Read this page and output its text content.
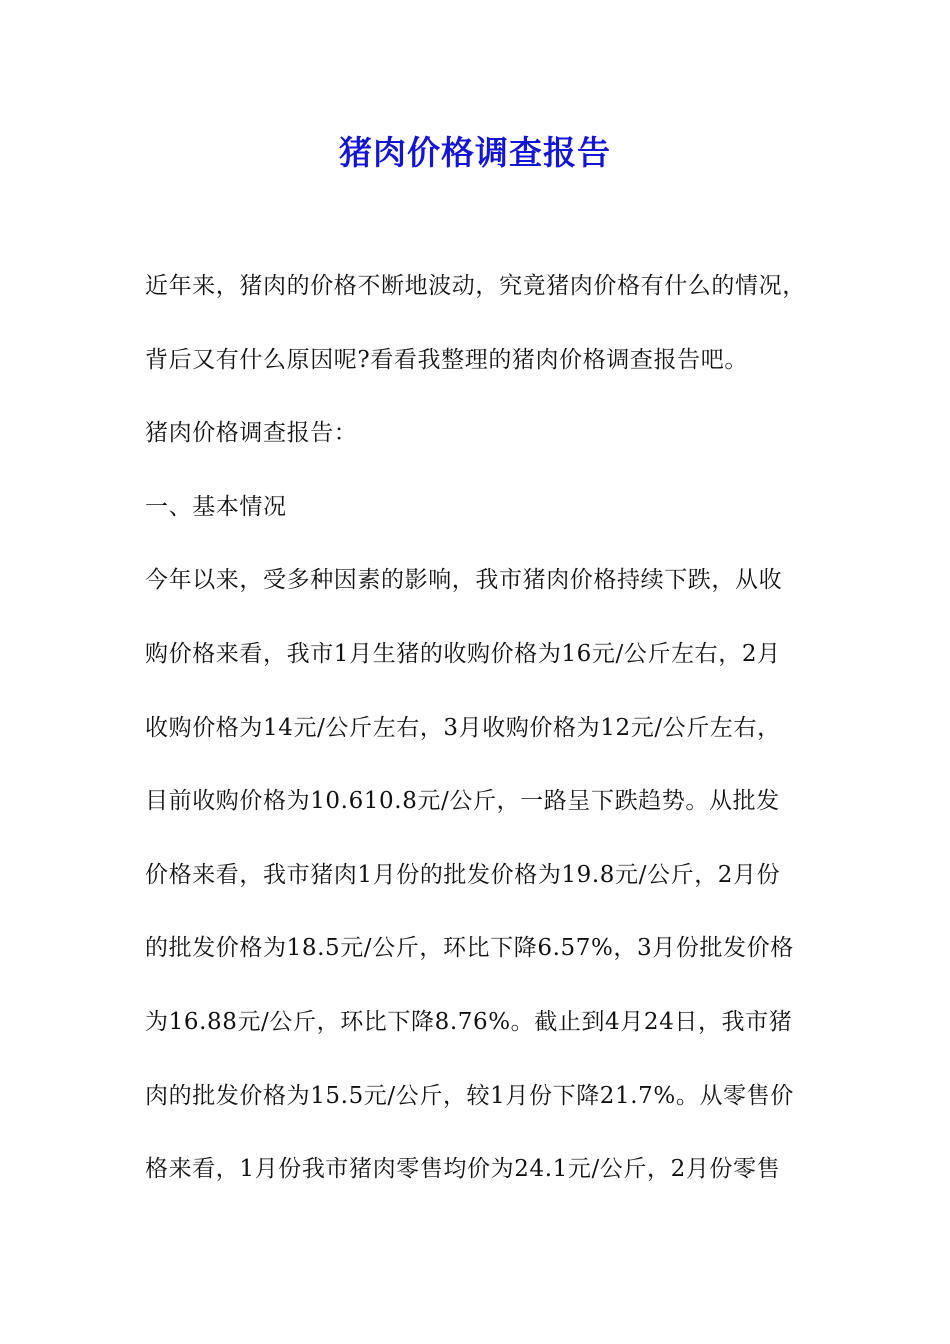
猪肉价格调查报告
近年来，猪肉的价格不断地波动，究竟猪肉价格有什么的情况，
背后又有什么原因呢?看看我整理的猪肉价格调查报告吧。
猪肉价格调查报告：
一、基本情况
今年以来，受多种因素的影响，我市猪肉价格持续下跌，从收
购价格来看，我市1月生猪的收购价格为16元/公斤左右，2月
收购价格为14元/公斤左右，3月收购价格为12元/公斤左右，
目前收购价格为10.610.8元/公斤，一路呈下跌趋势。从批发
价格来看，我市猪肉1月份的批发价格为19.8元/公斤，2月份
的批发价格为18.5元/公斤，环比下降6.57%，3月份批发价格
为16.88元/公斤，环比下降8.76%。截止到4月24日，我市猪
肉的批发价格为15.5元/公斤，较1月份下降21.7%。从零售价
格来看，1月份我市猪肉零售均价为24.1元/公斤，2月份零售
